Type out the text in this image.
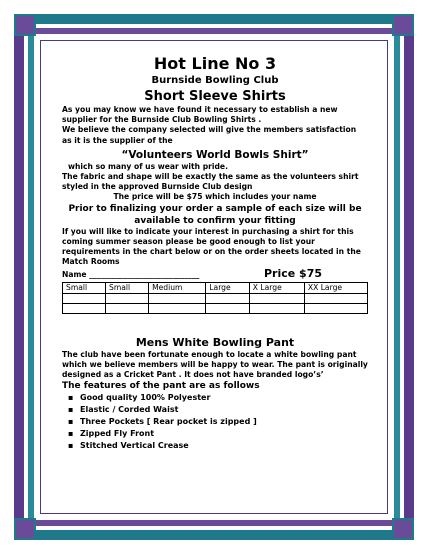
Hot Line No 3
Burnside Bowling Club
Short Sleeve Shirts
As you may know we have found it necessary to establish a new supplier for the Burnside Club Bowling Shirts .
We believe the company selected will give the members satisfaction as it is the supplier of the
“Volunteers World Bowls Shirt”
which so many of us wear with pride.
The fabric and shape will be exactly the same as the volunteers shirt styled in the approved Burnside Club design
The price will be $75 which includes your name
Prior to finalizing your order a sample of each size will be available to confirm your fitting
If you will like to indicate your interest in purchasing a shirt for this coming summer season please be good enough to list your requirements in the chart below or on the order sheets located in the Match Rooms
Name _____________________________	Price $75
Small	Small	Medium	Large	X Large	XX Large

Mens White Bowling Pant
The club have been fortunate enough to locate a white bowling pant which we believe members will be happy to wear. The pant is originally designed as a Cricket Pant . It does not have branded logo’s’
The features of the pant are as follows
▪ Good quality 100% Polyester
▪ Elastic / Corded Waist
▪ Three Pockets [ Rear pocket is zipped ]
▪ Zipped Fly Front
▪ Stitched Vertical Crease
